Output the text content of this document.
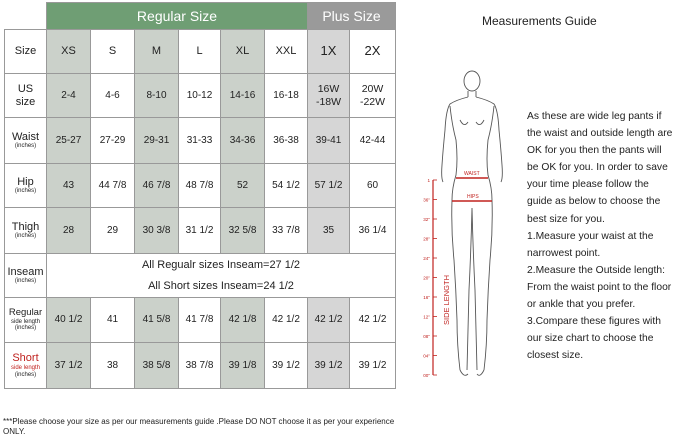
	Regular Size						Plus Size	
Size	XS	S	M	L	XL	XXL	1X	2X
US
size	2-4	4-6	8-10	10-12	14-16	16-18	16W -18W	20W -22W
Waist
(inches)	25-27	27-29	29-31	31-33	34-36	36-38	39-41	42-44
Hip
(inches)	43	44 7/8	46 7/8	48 7/8	52	54 1/2	57 1/2	60
Thigh
(inches)	28	29	30 3/8	31 1/2	32 5/8	33 7/8	35	36 1/4
Inseam
(inches)	All Regualr sizes Inseam=27 1/2
All Short sizes Inseam=24 1/2							
Regular
side length
(inches)	40 1/2	41	41 5/8	41 7/8	42 1/8	42 1/2	42 1/2	42 1/2
Short
side length
(inches)	37 1/2	38	38 5/8	38 7/8	39 1/8	39 1/2	39 1/2	39 1/2
***Please choose your size as per our measurements guide .Please DO NOT choose it as per your experience ONLY.
Measurements Guide
WAIST
HIPS
1
36"
32"
28"
24"
20"
16"
12"
08"
04"
00"
SIDE LENGTH

As these are wide leg pants if the waist and outside length are OK for you then the pants will be OK for you. In order to save your time please follow the guide as below to choose the best size for you.

1.Measure your waist at the narrowest point.

2.Measure the Outside length: From the waist point to the floor or ankle that you prefer.

3.Compare these figures with our size chart to choose the closest size.
